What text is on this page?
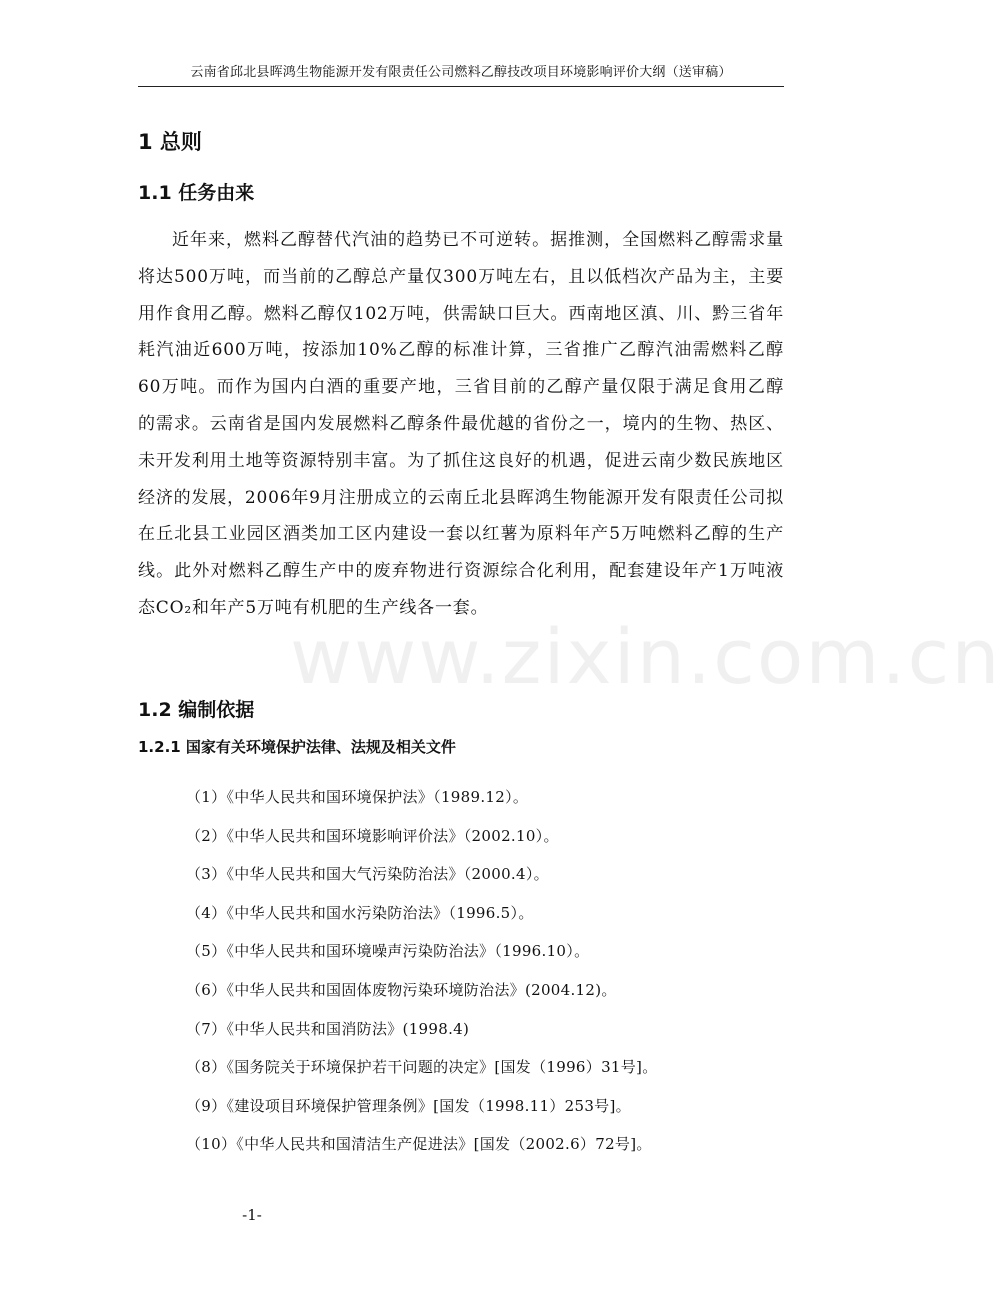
云南省邱北县晖鸿生物能源开发有限责任公司燃料乙醇技改项目环境影响评价大纲（送审稿）
www.zixin.com.cn
1 总则
1.1 任务由来

近年来，燃料乙醇替代汽油的趋势已不可逆转。据推测，全国燃料乙醇需求量将达500万吨，而当前的乙醇总产量仅300万吨左右，且以低档次产品为主，主要用作食用乙醇。燃料乙醇仅102万吨，供需缺口巨大。西南地区滇、川、黔三省年耗汽油近600万吨，按添加10%乙醇的标准计算，三省推广乙醇汽油需燃料乙醇60万吨。而作为国内白酒的重要产地，三省目前的乙醇产量仅限于满足食用乙醇的需求。云南省是国内发展燃料乙醇条件最优越的省份之一，境内的生物、热区、未开发利用土地等资源特别丰富。为了抓住这良好的机遇，促进云南少数民族地区经济的发展，2006年9月注册成立的云南丘北县晖鸿生物能源开发有限责任公司拟在丘北县工业园区酒类加工区内建设一套以红薯为原料年产5万吨燃料乙醇的生产线。此外对燃料乙醇生产中的废弃物进行资源综合化利用，配套建设年产1万吨液态CO₂和年产5万吨有机肥的生产线各一套。

1.2 编制依据
1.2.1 国家有关环境保护法律、法规及相关文件
（1）《中华人民共和国环境保护法》（1989.12）。
（2）《中华人民共和国环境影响评价法》（2002.10）。
（3）《中华人民共和国大气污染防治法》（2000.4）。
（4）《中华人民共和国水污染防治法》（1996.5）。
（5）《中华人民共和国环境噪声污染防治法》（1996.10）。
（6）《中华人民共和国固体废物污染环境防治法》(2004.12)。
（7）《中华人民共和国消防法》(1998.4)
（8）《国务院关于环境保护若干问题的决定》[国发（1996）31号]。
（9）《建设项目环境保护管理条例》[国发（1998.11）253号]。
（10）《中华人民共和国清洁生产促进法》[国发（2002.6）72号]。
-1-
